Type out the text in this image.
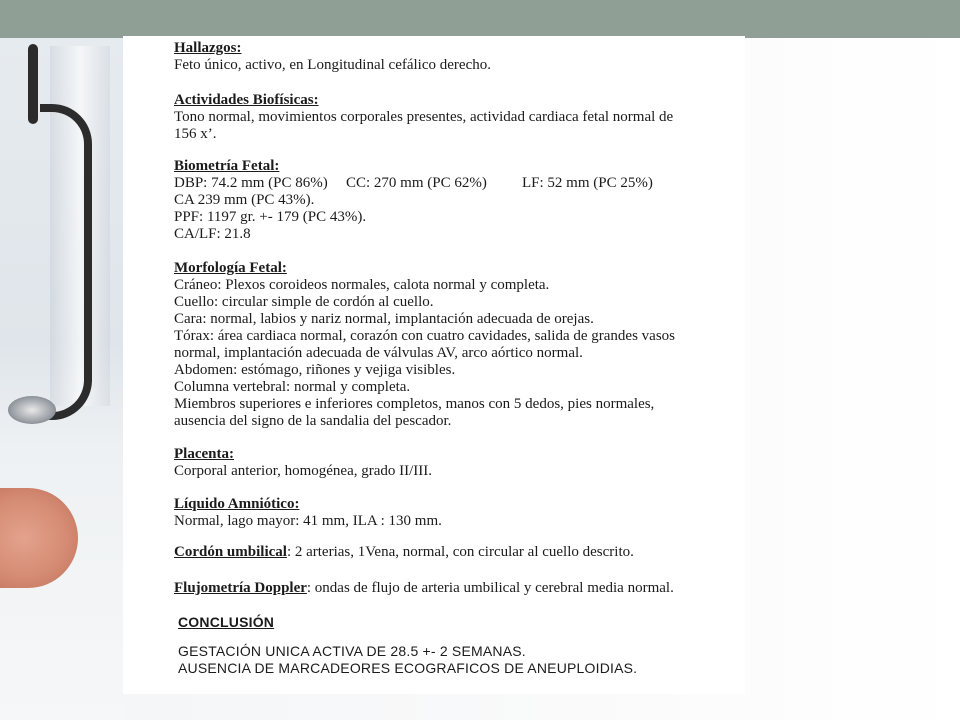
Hallazgos:
Feto único, activo, en Longitudinal cefálico derecho.
Actividades Biofísicas:
Tono normal, movimientos corporales presentes, actividad cardiaca fetal normal de
156 x’.
Biometría Fetal:
DBP: 74.2 mm (PC 86%) CC: 270 mm (PC 62%) LF: 52 mm (PC 25%)
CA 239 mm (PC 43%).
PPF: 1197 gr. +- 179 (PC 43%).
CA/LF: 21.8
Morfología Fetal:
Cráneo: Plexos coroideos normales, calota normal y completa.
Cuello: circular simple de cordón al cuello.
Cara: normal, labios y nariz normal, implantación adecuada de orejas.
Tórax: área cardiaca normal, corazón con cuatro cavidades, salida de grandes vasos
normal, implantación adecuada de válvulas AV, arco aórtico normal.
Abdomen: estómago, riñones y vejiga visibles.
Columna vertebral: normal y completa.
Miembros superiores e inferiores completos, manos con 5 dedos, pies normales,
ausencia del signo de la sandalia del pescador.
Placenta:
Corporal anterior, homogénea, grado II/III.
Líquido Amniótico:
Normal, lago mayor: 41 mm, ILA : 130 mm.
Cordón umbilical: 2 arterias, 1Vena, normal, con circular al cuello descrito.
Flujometría Doppler: ondas de flujo de arteria umbilical y cerebral media normal.
CONCLUSIÓN
GESTACIÓN UNICA ACTIVA DE 28.5 +- 2 SEMANAS.
AUSENCIA DE MARCADEORES ECOGRAFICOS DE ANEUPLOIDIAS.
